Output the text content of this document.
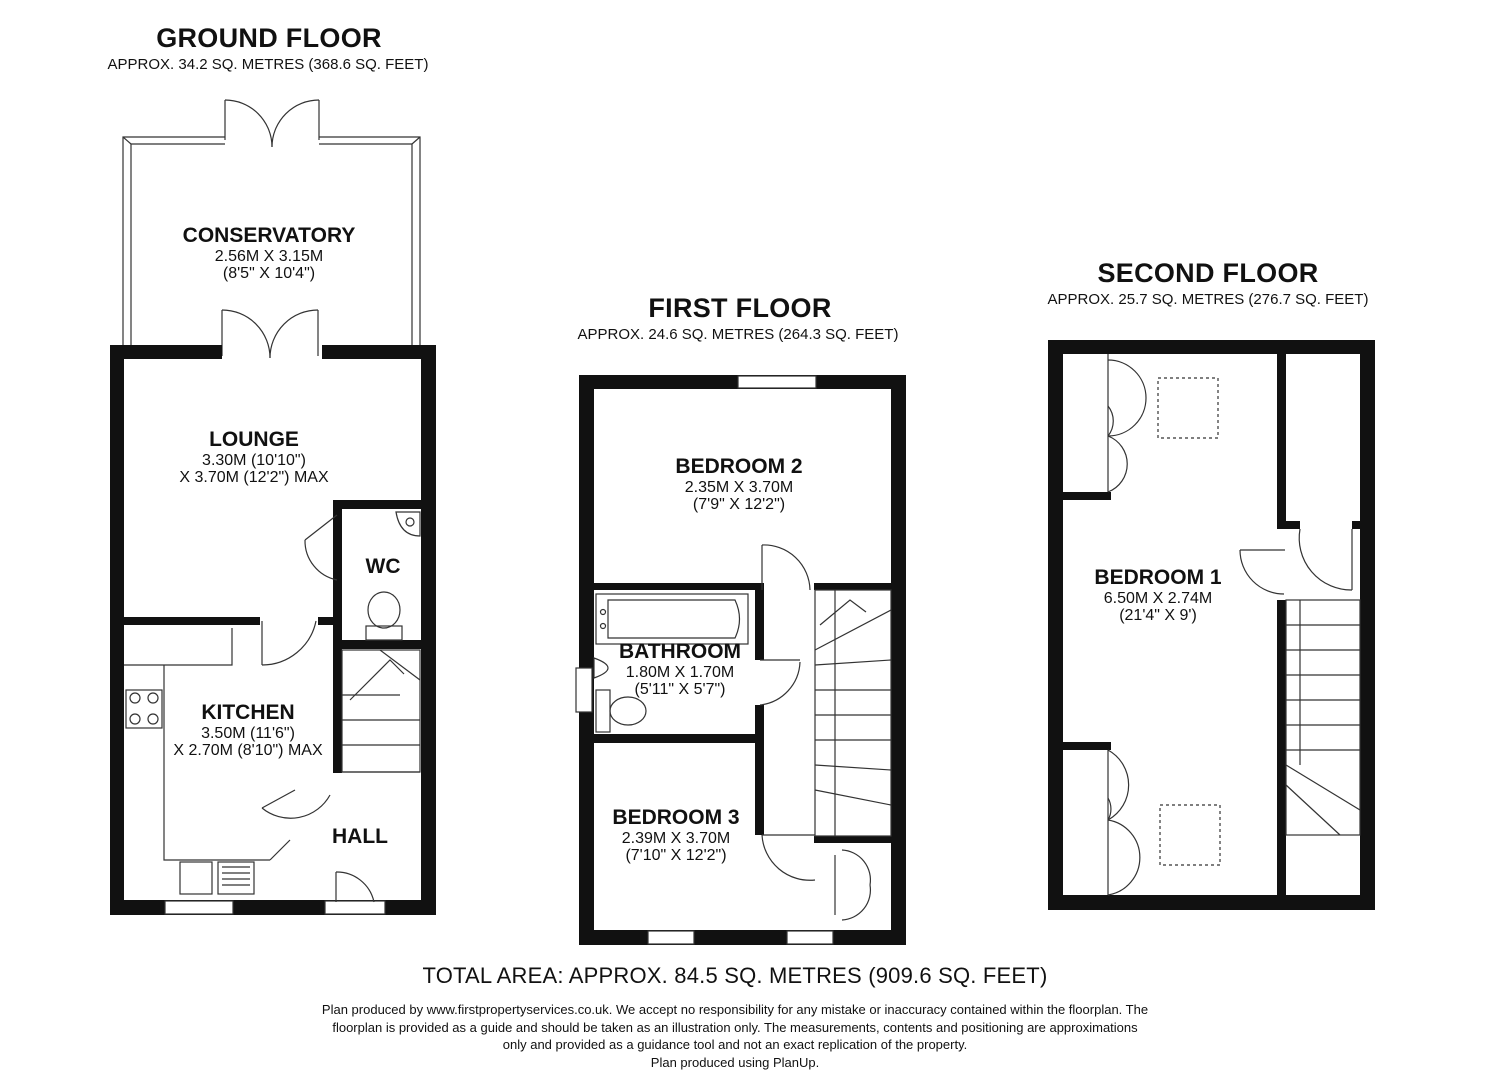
GROUND FLOOR
APPROX. 34.2 SQ. METRES (368.6 SQ. FEET)
FIRST FLOOR
APPROX. 24.6 SQ. METRES (264.3 SQ. FEET)
SECOND FLOOR
APPROX. 25.7 SQ. METRES (276.7 SQ. FEET)
CONSERVATORY
2.56M X 3.15M
(8'5" X 10'4")
LOUNGE
3.30M (10'10")
X 3.70M (12'2") MAX
WC
KITCHEN
3.50M (11'6")
X 2.70M (8'10") MAX
HALL
BEDROOM 2
2.35M X 3.70M
(7'9" X 12'2")
BATHROOM
1.80M X 1.70M
(5'11" X 5'7")
BEDROOM 3
2.39M X 3.70M
(7'10" X 12'2")
BEDROOM 1
6.50M X 2.74M
(21'4" X 9')
TOTAL AREA: APPROX. 84.5 SQ. METRES (909.6 SQ. FEET)
Plan produced by www.firstpropertyservices.co.uk. We accept no responsibility for any mistake or inaccuracy contained within the floorplan. The
floorplan is provided as a guide and should be taken as an illustration only. The measurements, contents and positioning are approximations
only and provided as a guidance tool and not an exact replication of the property.
Plan produced using PlanUp.
